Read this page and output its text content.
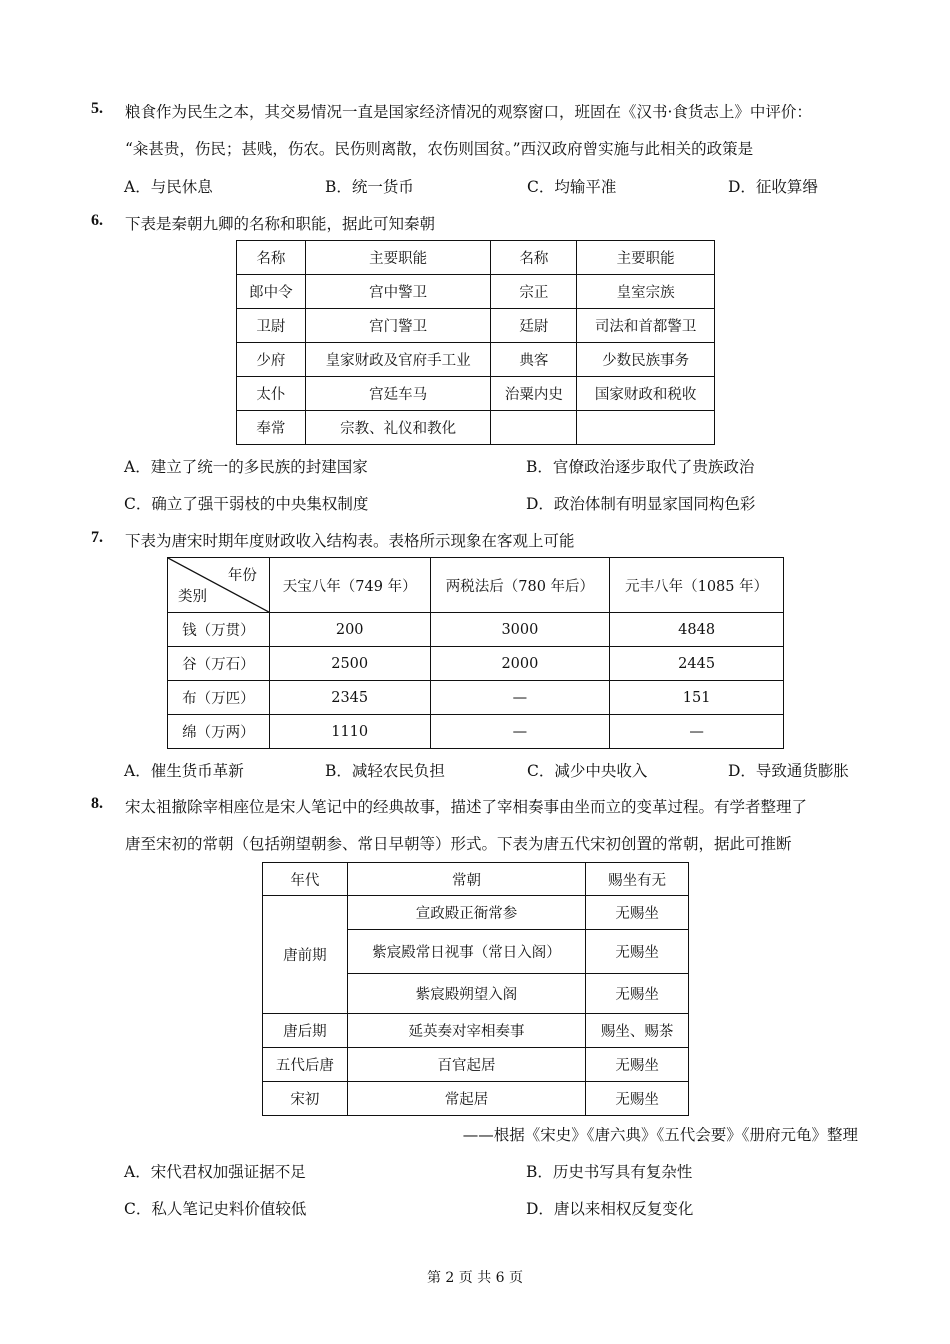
5. 粮食作为民生之本，其交易情况一直是国家经济情况的观察窗口，班固在《汉书·食货志上》中评价：
“籴甚贵，伤民；甚贱，伤农。民伤则离散，农伤则国贫。”西汉政府曾实施与此相关的政策是
A．与民休息	B．统一货币	C．均输平准	D．征收算缗
6. 下表是秦朝九卿的名称和职能，据此可知秦朝
名称	主要职能	名称	主要职能
郎中令	宫中警卫	宗正	皇室宗族
卫尉	宫门警卫	廷尉	司法和首都警卫
少府	皇家财政及官府手工业	典客	少数民族事务
太仆	宫廷车马	治粟内史	国家财政和税收
奉常	宗教、礼仪和教化		
A．建立了统一的多民族的封建国家	B．官僚政治逐步取代了贵族政治
C．确立了强干弱枝的中央集权制度	D．政治体制有明显家国同构色彩
7. 下表为唐宋时期年度财政收入结构表。表格所示现象在客观上可能
年份
类别	天宝八年（749 年）	两税法后（780 年后）	元丰八年（1085 年）
钱（万贯）	200	3000	4848
谷（万石）	2500	2000	2445
布（万匹）	2345	—	151
绵（万两）	1110	—	—
A．催生货币革新	B．减轻农民负担	C．减少中央收入	D．导致通货膨胀
8. 宋太祖撤除宰相座位是宋人笔记中的经典故事，描述了宰相奏事由坐而立的变革过程。有学者整理了
唐至宋初的常朝（包括朔望朝参、常日早朝等）形式。下表为唐五代宋初创置的常朝，据此可推断
年代	常朝	赐坐有无
唐前期	宣政殿正衙常参	无赐坐
	紫宸殿常日视事（常日入阁）	无赐坐
	紫宸殿朔望入阁	无赐坐
唐后期	延英奏对宰相奏事	赐坐、赐茶
五代后唐	百官起居	无赐坐
宋初	常起居	无赐坐
——根据《宋史》《唐六典》《五代会要》《册府元龟》整理
A．宋代君权加强证据不足	B．历史书写具有复杂性
C．私人笔记史料价值较低	D．唐以来相权反复变化
第 2 页 共 6 页
